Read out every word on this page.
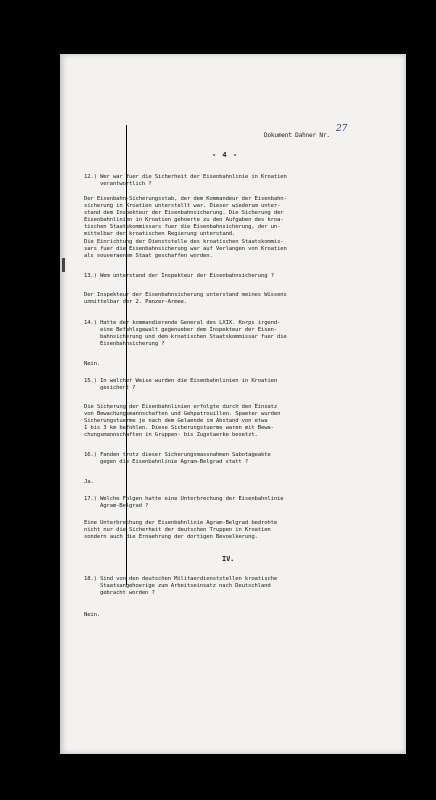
Dokument Dahner Nr.
27
- 4 -
12.) Wer war fuer die Sicherheit der Eisenbahnlinie in Kroatien
verantwortlich ?
Der Eisenbahn-Sicherungsstab, der dem Kommandeur der Eisenbahn-
sicherung in Kroatien unterstellt war. Dieser wiederum unter-
stand dem Inspekteur der Eisenbahnsicherung. Die Sicherung der
Eisenbahnlinien in Kroatien gehoerte zu den Aufgaben des kroa-
tischen Staatskommissars fuer die Eisenbahnsicherung, der un-
mittelbar der kroatischen Regierung unterstand.
Die Einrichtung der Dienststelle des kroatischen Staatskommis-
sars fuer die Eisenbahnsicherung war auf Verlangen von Kroatien
als souveraenem Staat geschaffen worden.
13.) Wem unterstand der Inspekteur der Eisenbahnsicherung ?
Der Inspekteur der Eisenbahnsicherung unterstand meines Wissens
unmittelbar der 2. Panzer-Armee.
14.) Hatte der kommandierende General des LXIX. Korps irgend-
eine Befehlsgewalt gegenueber dem Inspekteur der Eisen-
bahnsicherung und dem kroatischen Staatskommissar fuer die
Eisenbahnsicherung ?
Nein.
15.) In welcher Weise wurden die Eisenbahnlinien in Kroatien
gesichert ?
Die Sicherung der Eisenbahnlinien erfolgte durch den Einsatz
von Bewachungsmannschaften und Gehpatrouillen. Spaeter wurden
Sicherungstuerme je nach dem Gelaende im Abstand von etwa
1 bis 3 km befohlen. Diese Sicherungstuerme waren mit Bewa-
chungsmannschaften in Gruppen- bis Zugstaerke besetzt.
16.) Fanden trotz dieser Sicherungsmassnahmen Sabotageakte
gegen die Eisenbahnlinie Agram-Belgrad statt ?
Ja.
17.) Welche Folgen hatte eine Unterbrechung der Eisenbahnlinie
Agram-Belgrad ?
Eine Unterbrechung der Eisenbahnlinie Agram-Belgrad bedrohte
nicht nur die Sicherheit der deutschen Truppen in Kroatien
sondern auch die Ernaehrung der dortigen Bevoelkerung.
IV.
18.) Sind von den deutschen Militaerdienststellen kroatische
Staatsangehoerige zum Arbeitseinsatz nach Deutschland
gebracht worden ?
Nein.
